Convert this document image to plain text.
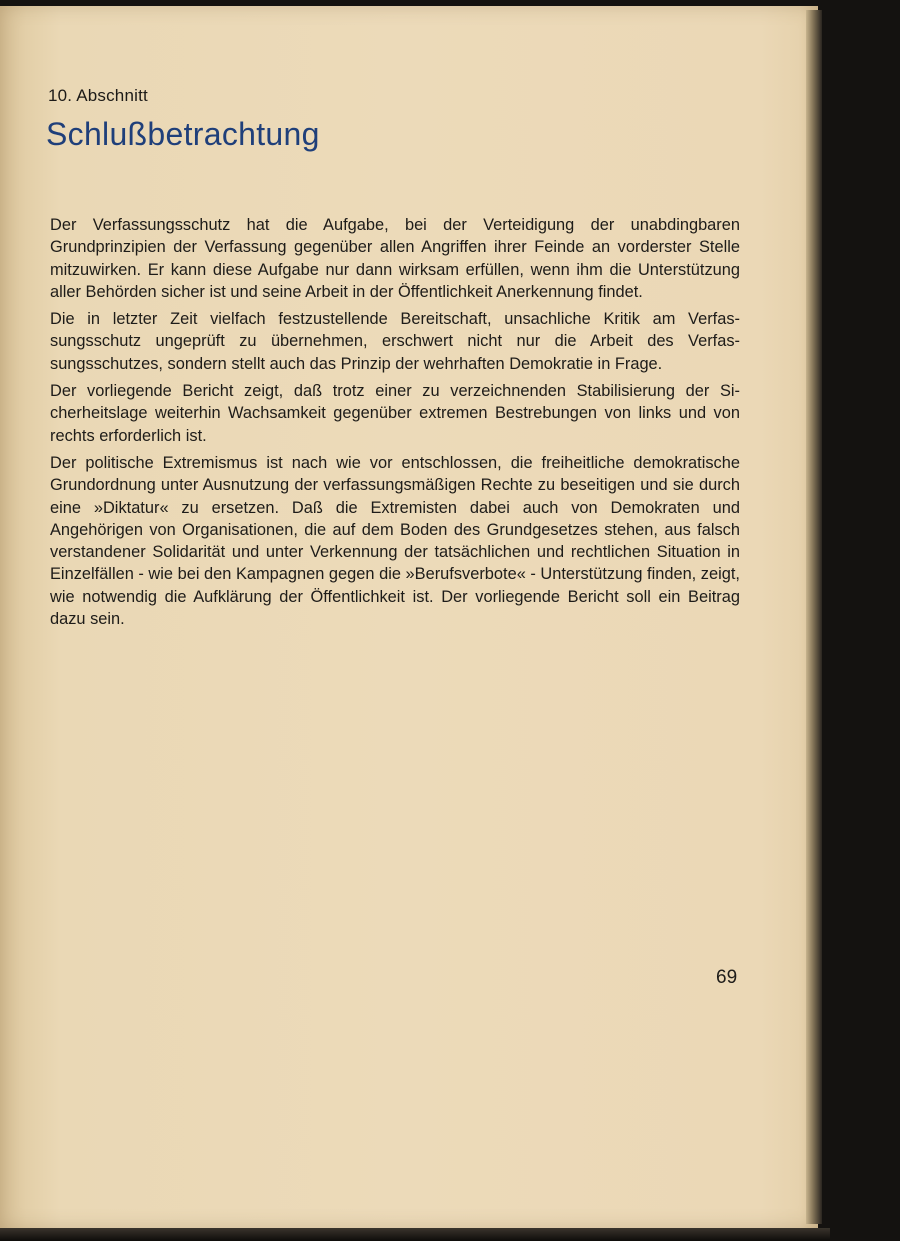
10. Abschnitt
Schlußbetrachtung

Der Verfassungsschutz hat die Aufgabe, bei der Verteidigung der unabdingbaren Grundprinzipien der Verfassung gegenüber allen Angriffen ihrer Feinde an vorderster Stelle mitzuwirken. Er kann diese Aufgabe nur dann wirksam erfüllen, wenn ihm die Unterstützung aller Behörden sicher ist und seine Arbeit in der Öffentlichkeit Anerkennung findet.

Die in letzter Zeit vielfach festzustellende Bereitschaft, unsachliche Kritik am Verfassungsschutz ungeprüft zu übernehmen, erschwert nicht nur die Arbeit des Verfassungsschutzes, sondern stellt auch das Prinzip der wehrhaften Demokratie in Frage.

Der vorliegende Bericht zeigt, daß trotz einer zu verzeichnenden Stabilisierung der Sicherheitslage weiterhin Wachsamkeit gegenüber extremen Bestrebungen von links und von rechts erforderlich ist.

Der politische Extremismus ist nach wie vor entschlossen, die freiheitliche demokratische Grundordnung unter Ausnutzung der verfassungsmäßigen Rechte zu beseitigen und sie durch eine »Diktatur« zu ersetzen. Daß die Extremisten dabei auch von Demokraten und Angehörigen von Organisationen, die auf dem Boden des Grundgesetzes stehen, aus falsch verstandener Solidarität und unter Verkennung der tatsächlichen und rechtlichen Situation in Einzelfällen - wie bei den Kampagnen gegen die »Berufsverbote« - Unterstützung finden, zeigt, wie notwendig die Aufklärung der Öffentlichkeit ist. Der vorliegende Bericht soll ein Beitrag dazu sein.

69
